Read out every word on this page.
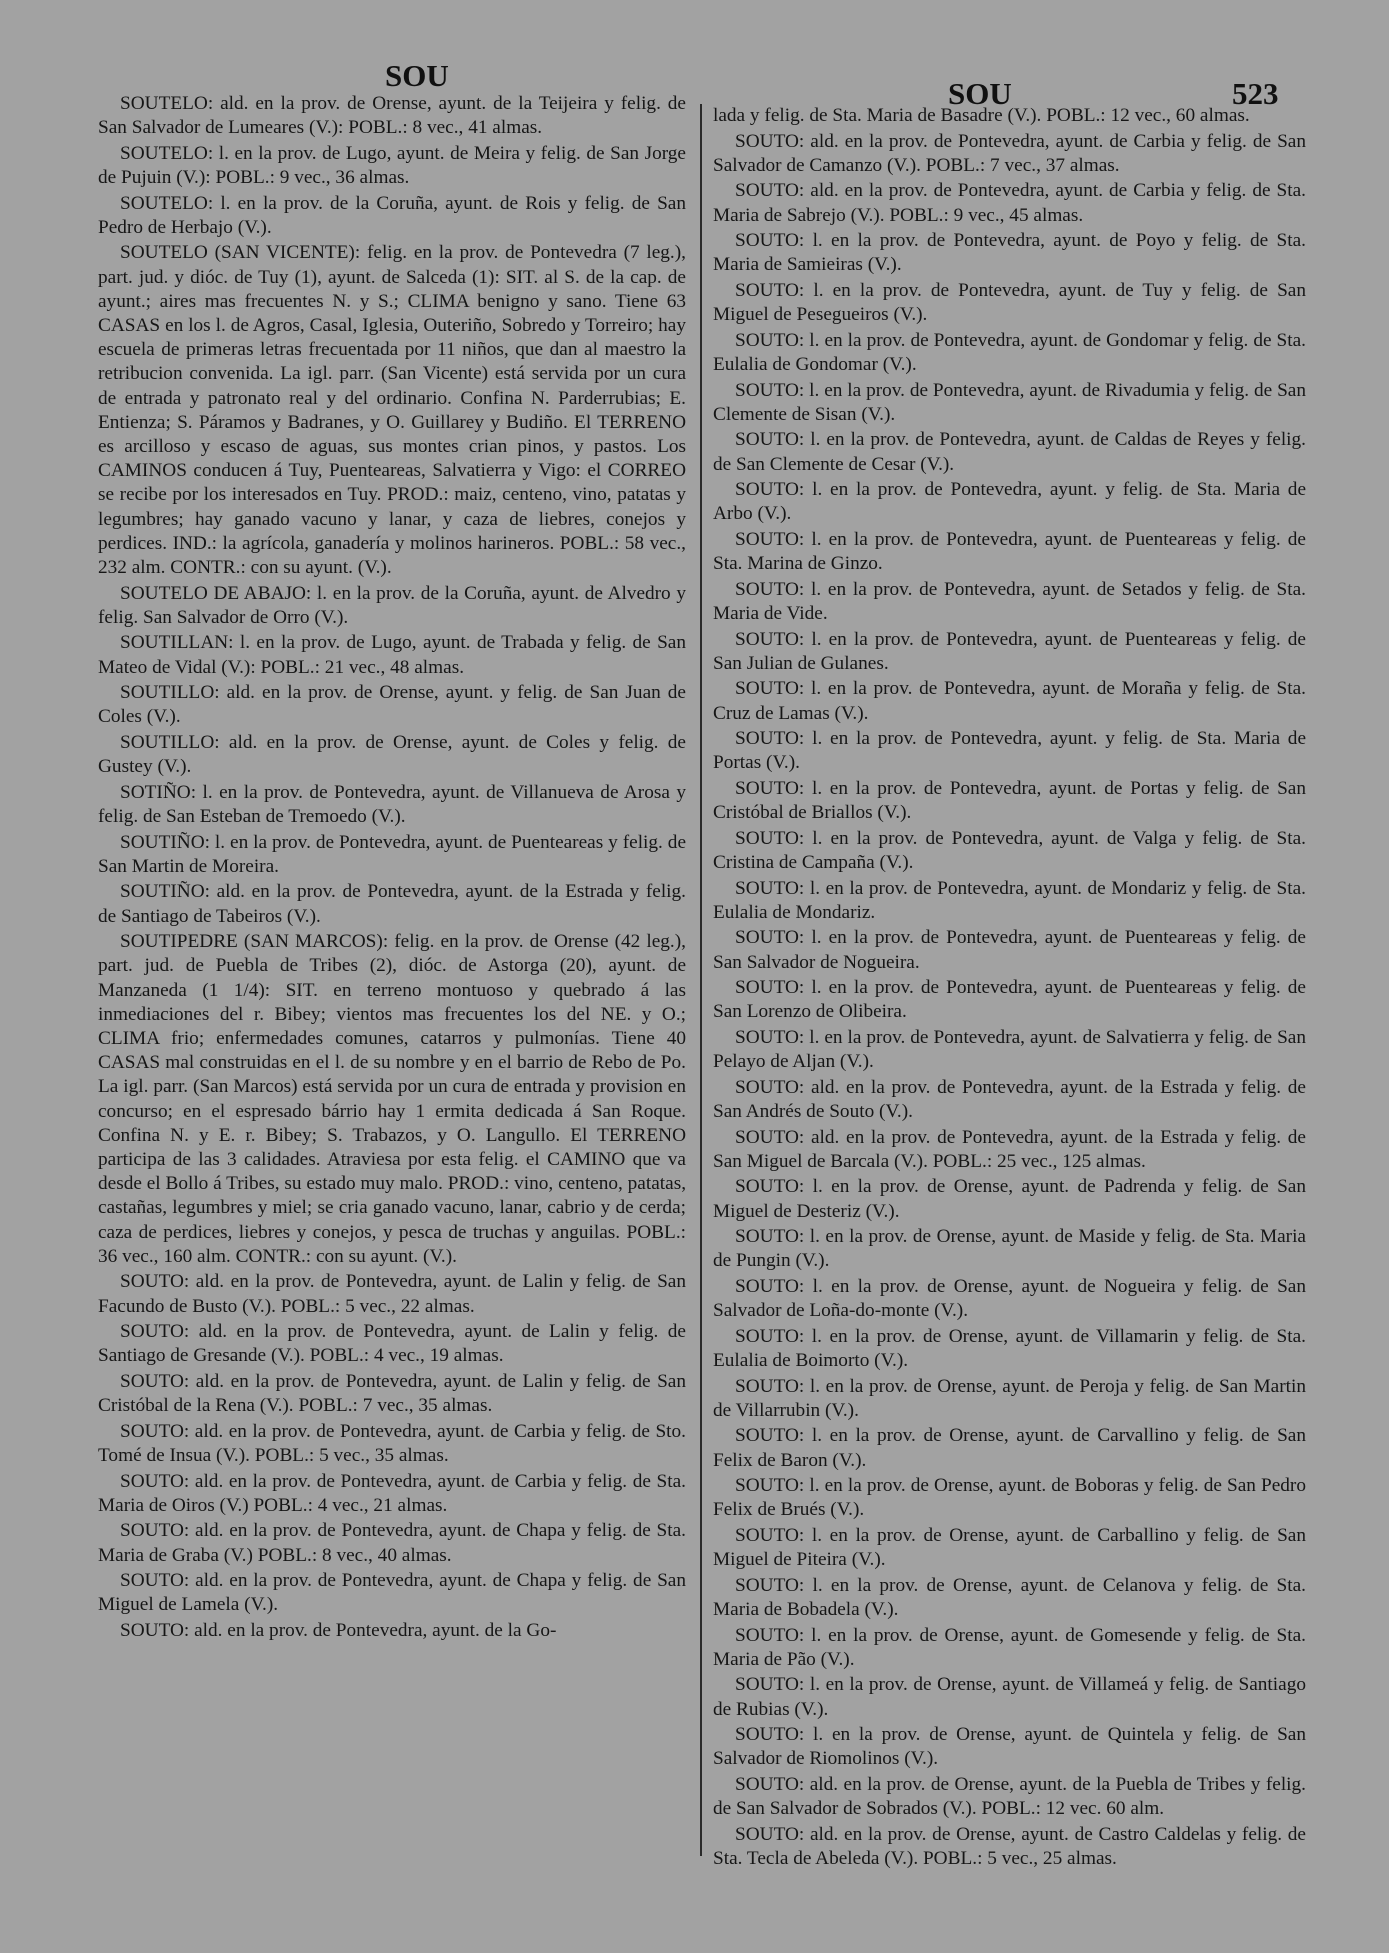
SOU
SOU	523

SOUTELO: ald. en la prov. de Orense, ayunt. de la Teijeira y felig. de San Salvador de Lumeares (V.): POBL.: 8 vec., 41 almas.

SOUTELO: l. en la prov. de Lugo, ayunt. de Meira y felig. de San Jorge de Pujuin (V.): POBL.: 9 vec., 36 almas.

SOUTELO: l. en la prov. de la Coruña, ayunt. de Rois y felig. de San Pedro de Herbajo (V.).

SOUTELO (SAN VICENTE): felig. en la prov. de Pontevedra (7 leg.), part. jud. y dióc. de Tuy (1), ayunt. de Salceda (1): SIT. al S. de la cap. de ayunt.; aires mas frecuentes N. y S.; CLIMA benigno y sano. Tiene 63 CASAS en los l. de Agros, Casal, Iglesia, Outeriño, Sobredo y Torreiro; hay escuela de primeras letras frecuentada por 11 niños, que dan al maestro la retribucion convenida. La igl. parr. (San Vicente) está servida por un cura de entrada y patronato real y del ordinario. Confina N. Parderrubias; E. Entienza; S. Páramos y Badranes, y O. Guillarey y Budiño. El TERRENO es arcilloso y escaso de aguas, sus montes crian pinos, y pastos. Los CAMINOS conducen á Tuy, Puenteareas, Salvatierra y Vigo: el CORREO se recibe por los interesados en Tuy. PROD.: maiz, centeno, vino, patatas y legumbres; hay ganado vacuno y lanar, y caza de liebres, conejos y perdices. IND.: la agrícola, ganadería y molinos harineros. POBL.: 58 vec., 232 alm. CONTR.: con su ayunt. (V.).

SOUTELO DE ABAJO: l. en la prov. de la Coruña, ayunt. de Alvedro y felig. San Salvador de Orro (V.).

SOUTILLAN: l. en la prov. de Lugo, ayunt. de Trabada y felig. de San Mateo de Vidal (V.): POBL.: 21 vec., 48 almas.

SOUTILLO: ald. en la prov. de Orense, ayunt. y felig. de San Juan de Coles (V.).

SOUTILLO: ald. en la prov. de Orense, ayunt. de Coles y felig. de Gustey (V.).

SOTIÑO: l. en la prov. de Pontevedra, ayunt. de Villanueva de Arosa y felig. de San Esteban de Tremoedo (V.).

SOUTIÑO: l. en la prov. de Pontevedra, ayunt. de Puenteareas y felig. de San Martin de Moreira.

SOUTIÑO: ald. en la prov. de Pontevedra, ayunt. de la Estrada y felig. de Santiago de Tabeiros (V.).

SOUTIPEDRE (SAN MARCOS): felig. en la prov. de Orense (42 leg.), part. jud. de Puebla de Tribes (2), dióc. de Astorga (20), ayunt. de Manzaneda (1 1/4): SIT. en terreno montuoso y quebrado á las inmediaciones del r. Bibey; vientos mas frecuentes los del NE. y O.; CLIMA frio; enfermedades comunes, catarros y pulmonías. Tiene 40 CASAS mal construidas en el l. de su nombre y en el barrio de Rebo de Po. La igl. parr. (San Marcos) está servida por un cura de entrada y provision en concurso; en el espresado bárrio hay 1 ermita dedicada á San Roque. Confina N. y E. r. Bibey; S. Trabazos, y O. Langullo. El TERRENO participa de las 3 calidades. Atraviesa por esta felig. el CAMINO que va desde el Bollo á Tribes, su estado muy malo. PROD.: vino, centeno, patatas, castañas, legumbres y miel; se cria ganado vacuno, lanar, cabrio y de cerda; caza de perdices, liebres y conejos, y pesca de truchas y anguilas. POBL.: 36 vec., 160 alm. CONTR.: con su ayunt. (V.).

SOUTO: ald. en la prov. de Pontevedra, ayunt. de Lalin y felig. de San Facundo de Busto (V.). POBL.: 5 vec., 22 almas.

SOUTO: ald. en la prov. de Pontevedra, ayunt. de Lalin y felig. de Santiago de Gresande (V.). POBL.: 4 vec., 19 almas.

SOUTO: ald. en la prov. de Pontevedra, ayunt. de Lalin y felig. de San Cristóbal de la Rena (V.). POBL.: 7 vec., 35 almas.

SOUTO: ald. en la prov. de Pontevedra, ayunt. de Carbia y felig. de Sto. Tomé de Insua (V.). POBL.: 5 vec., 35 almas.

SOUTO: ald. en la prov. de Pontevedra, ayunt. de Carbia y felig. de Sta. Maria de Oiros (V.) POBL.: 4 vec., 21 almas.

SOUTO: ald. en la prov. de Pontevedra, ayunt. de Chapa y felig. de Sta. Maria de Graba (V.) POBL.: 8 vec., 40 almas.

SOUTO: ald. en la prov. de Pontevedra, ayunt. de Chapa y felig. de San Miguel de Lamela (V.).

SOUTO: ald. en la prov. de Pontevedra, ayunt. de la Go-

lada y felig. de Sta. Maria de Basadre (V.). POBL.: 12 vec., 60 almas.

SOUTO: ald. en la prov. de Pontevedra, ayunt. de Carbia y felig. de San Salvador de Camanzo (V.). POBL.: 7 vec., 37 almas.

SOUTO: ald. en la prov. de Pontevedra, ayunt. de Carbia y felig. de Sta. Maria de Sabrejo (V.). POBL.: 9 vec., 45 almas.

SOUTO: l. en la prov. de Pontevedra, ayunt. de Poyo y felig. de Sta. Maria de Samieiras (V.).

SOUTO: l. en la prov. de Pontevedra, ayunt. de Tuy y felig. de San Miguel de Pesegueiros (V.).

SOUTO: l. en la prov. de Pontevedra, ayunt. de Gondomar y felig. de Sta. Eulalia de Gondomar (V.).

SOUTO: l. en la prov. de Pontevedra, ayunt. de Rivadumia y felig. de San Clemente de Sisan (V.).

SOUTO: l. en la prov. de Pontevedra, ayunt. de Caldas de Reyes y felig. de San Clemente de Cesar (V.).

SOUTO: l. en la prov. de Pontevedra, ayunt. y felig. de Sta. Maria de Arbo (V.).

SOUTO: l. en la prov. de Pontevedra, ayunt. de Puenteareas y felig. de Sta. Marina de Ginzo.

SOUTO: l. en la prov. de Pontevedra, ayunt. de Setados y felig. de Sta. Maria de Vide.

SOUTO: l. en la prov. de Pontevedra, ayunt. de Puenteareas y felig. de San Julian de Gulanes.

SOUTO: l. en la prov. de Pontevedra, ayunt. de Moraña y felig. de Sta. Cruz de Lamas (V.).

SOUTO: l. en la prov. de Pontevedra, ayunt. y felig. de Sta. Maria de Portas (V.).

SOUTO: l. en la prov. de Pontevedra, ayunt. de Portas y felig. de San Cristóbal de Briallos (V.).

SOUTO: l. en la prov. de Pontevedra, ayunt. de Valga y felig. de Sta. Cristina de Campaña (V.).

SOUTO: l. en la prov. de Pontevedra, ayunt. de Mondariz y felig. de Sta. Eulalia de Mondariz.

SOUTO: l. en la prov. de Pontevedra, ayunt. de Puenteareas y felig. de San Salvador de Nogueira.

SOUTO: l. en la prov. de Pontevedra, ayunt. de Puenteareas y felig. de San Lorenzo de Olibeira.

SOUTO: l. en la prov. de Pontevedra, ayunt. de Salvatierra y felig. de San Pelayo de Aljan (V.).

SOUTO: ald. en la prov. de Pontevedra, ayunt. de la Estrada y felig. de San Andrés de Souto (V.).

SOUTO: ald. en la prov. de Pontevedra, ayunt. de la Estrada y felig. de San Miguel de Barcala (V.). POBL.: 25 vec., 125 almas.

SOUTO: l. en la prov. de Orense, ayunt. de Padrenda y felig. de San Miguel de Desteriz (V.).

SOUTO: l. en la prov. de Orense, ayunt. de Maside y felig. de Sta. Maria de Pungin (V.).

SOUTO: l. en la prov. de Orense, ayunt. de Nogueira y felig. de San Salvador de Loña-do-monte (V.).

SOUTO: l. en la prov. de Orense, ayunt. de Villamarin y felig. de Sta. Eulalia de Boimorto (V.).

SOUTO: l. en la prov. de Orense, ayunt. de Peroja y felig. de San Martin de Villarrubin (V.).

SOUTO: l. en la prov. de Orense, ayunt. de Carvallino y felig. de San Felix de Baron (V.).

SOUTO: l. en la prov. de Orense, ayunt. de Boboras y felig. de San Pedro Felix de Brués (V.).

SOUTO: l. en la prov. de Orense, ayunt. de Carballino y felig. de San Miguel de Piteira (V.).

SOUTO: l. en la prov. de Orense, ayunt. de Celanova y felig. de Sta. Maria de Bobadela (V.).

SOUTO: l. en la prov. de Orense, ayunt. de Gomesende y felig. de Sta. Maria de Pão (V.).

SOUTO: l. en la prov. de Orense, ayunt. de Villameá y felig. de Santiago de Rubias (V.).

SOUTO: l. en la prov. de Orense, ayunt. de Quintela y felig. de San Salvador de Riomolinos (V.).

SOUTO: ald. en la prov. de Orense, ayunt. de la Puebla de Tribes y felig. de San Salvador de Sobrados (V.). POBL.: 12 vec. 60 alm.

SOUTO: ald. en la prov. de Orense, ayunt. de Castro Caldelas y felig. de Sta. Tecla de Abeleda (V.). POBL.: 5 vec., 25 almas.
